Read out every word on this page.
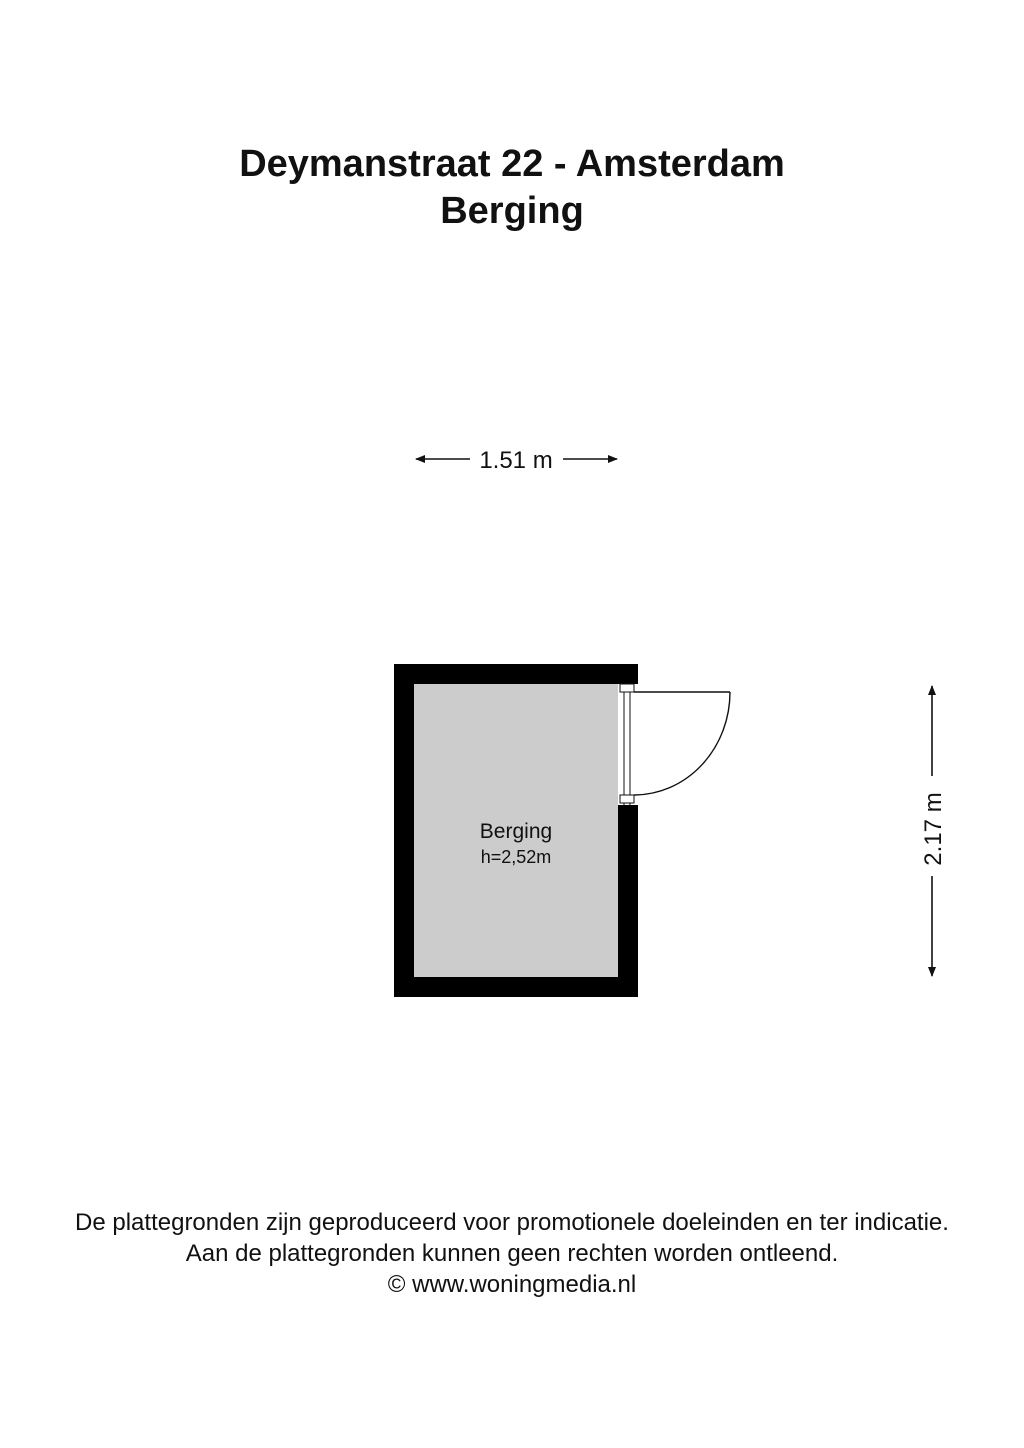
Deymanstraat 22 - Amsterdam
Berging
1.51 m
2.17 m
Berging
h=2,52m
De plattegronden zijn geproduceerd voor promotionele doeleinden en ter indicatie.
Aan de plattegronden kunnen geen rechten worden ontleend.
© www.woningmedia.nl
